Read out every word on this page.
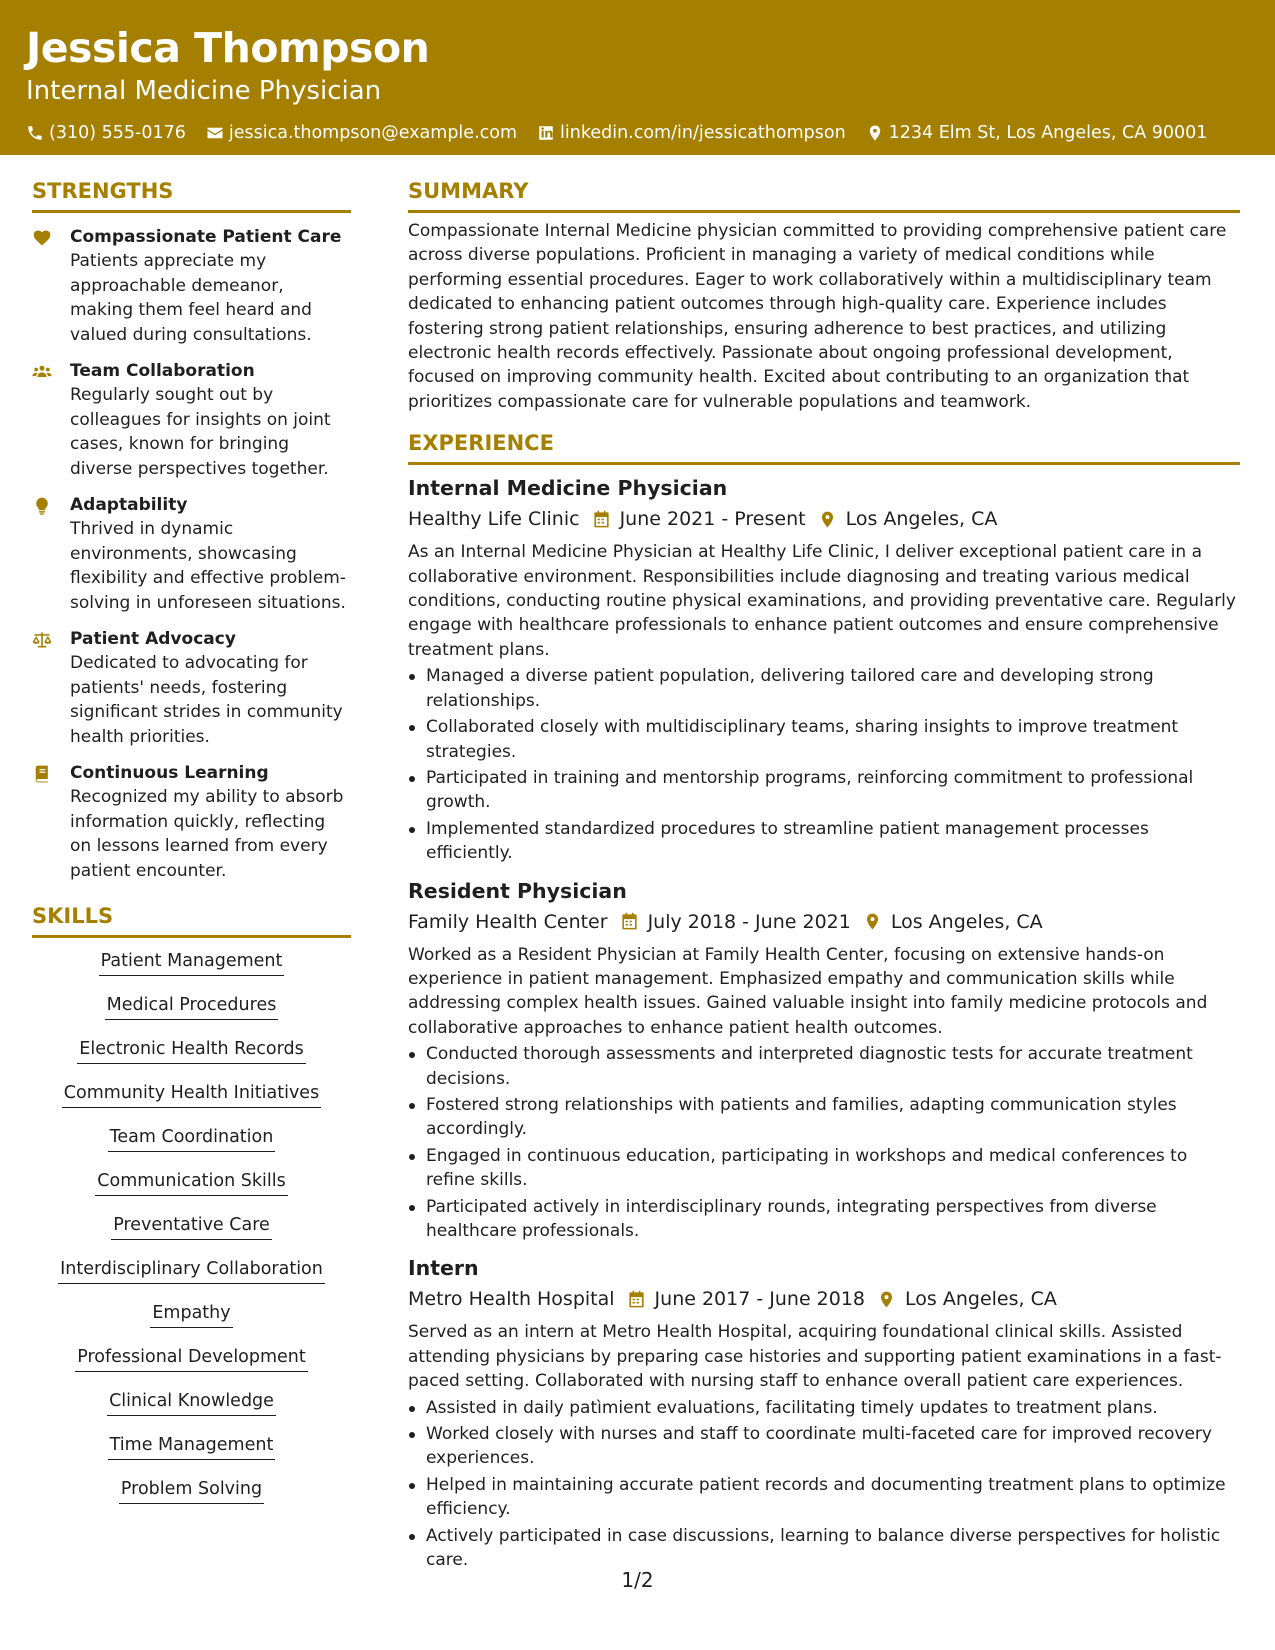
Jessica Thompson
Internal Medicine Physician
(310) 555-0176 jessica.thompson@example.com linkedin.com/in/jessicathompson 1234 Elm St, Los Angeles, CA 90001
STRENGTHS
Compassionate Patient Care
Patients appreciate my approachable demeanor, making them feel heard and valued during consultations.
Team Collaboration
Regularly sought out by colleagues for insights on joint cases, known for bringing diverse perspectives together.
Adaptability
Thrived in dynamic environments, showcasing flexibility and effective problem-solving in unforeseen situations.
Patient Advocacy
Dedicated to advocating for patients' needs, fostering significant strides in community health priorities.
Continuous Learning
Recognized my ability to absorb information quickly, reflecting on lessons learned from every patient encounter.
SKILLS
Patient Management
Medical Procedures
Electronic Health Records
Community Health Initiatives
Team Coordination
Communication Skills
Preventative Care
Interdisciplinary Collaboration
Empathy
Professional Development
Clinical Knowledge
Time Management
Problem Solving
SUMMARY
Compassionate Internal Medicine physician committed to providing comprehensive patient care across diverse populations. Proficient in managing a variety of medical conditions while performing essential procedures. Eager to work collaboratively within a multidisciplinary team dedicated to enhancing patient outcomes through high-quality care. Experience includes fostering strong patient relationships, ensuring adherence to best practices, and utilizing electronic health records effectively. Passionate about ongoing professional development, focused on improving community health. Excited about contributing to an organization that prioritizes compassionate care for vulnerable populations and teamwork.
EXPERIENCE
Internal Medicine Physician
Healthy Life Clinic June 2021 - Present Los Angeles, CA
As an Internal Medicine Physician at Healthy Life Clinic, I deliver exceptional patient care in a collaborative environment. Responsibilities include diagnosing and treating various medical conditions, conducting routine physical examinations, and providing preventative care. Regularly engage with healthcare professionals to enhance patient outcomes and ensure comprehensive treatment plans.
Managed a diverse patient population, delivering tailored care and developing strong relationships.
Collaborated closely with multidisciplinary teams, sharing insights to improve treatment strategies.
Participated in training and mentorship programs, reinforcing commitment to professional growth.
Implemented standardized procedures to streamline patient management processes efficiently.
Resident Physician
Family Health Center July 2018 - June 2021 Los Angeles, CA
Worked as a Resident Physician at Family Health Center, focusing on extensive hands-on experience in patient management. Emphasized empathy and communication skills while addressing complex health issues. Gained valuable insight into family medicine protocols and collaborative approaches to enhance patient health outcomes.
Conducted thorough assessments and interpreted diagnostic tests for accurate treatment decisions.
Fostered strong relationships with patients and families, adapting communication styles accordingly.
Engaged in continuous education, participating in workshops and medical conferences to refine skills.
Participated actively in interdisciplinary rounds, integrating perspectives from diverse healthcare professionals.
Intern
Metro Health Hospital June 2017 - June 2018 Los Angeles, CA
Served as an intern at Metro Health Hospital, acquiring foundational clinical skills. Assisted attending physicians by preparing case histories and supporting patient examinations in a fast-paced setting. Collaborated with nursing staff to enhance overall patient care experiences.
Assisted in daily patìmient evaluations, facilitating timely updates to treatment plans.
Worked closely with nurses and staff to coordinate multi-faceted care for improved recovery experiences.
Helped in maintaining accurate patient records and documenting treatment plans to optimize efficiency.
Actively participated in case discussions, learning to balance diverse perspectives for holistic care.
1/2
